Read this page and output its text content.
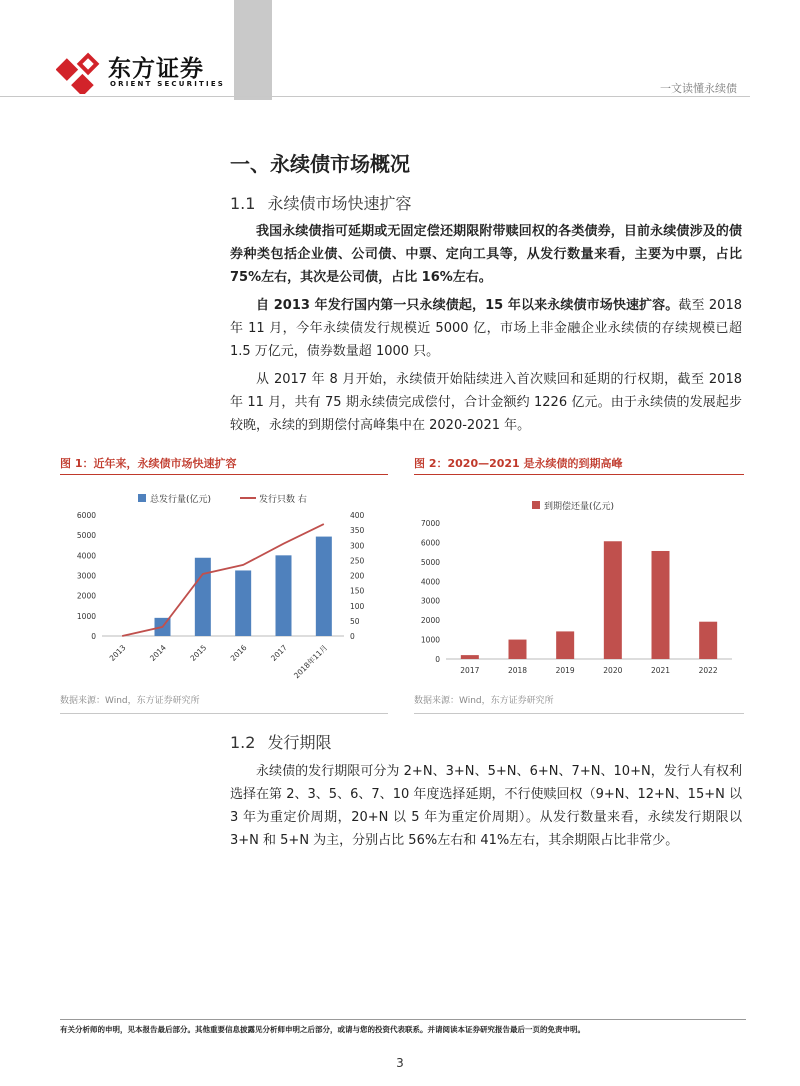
东方证券
ORIENT SECURITIES	一文读懂永续债
一、永续债市场概况
1.1 永续债市场快速扩容

我国永续债指可延期或无固定偿还期限附带赎回权的各类债券，目前永续债涉及的债券种类包括企业债、公司债、中票、定向工具等，从发行数量来看，主要为中票，占比 75%左右，其次是公司债，占比 16%左右。

自 2013 年发行国内第一只永续债起，15 年以来永续债市场快速扩容。截至 2018 年 11 月，今年永续债发行规模近 5000 亿，市场上非金融企业永续债的存续规模已超 1.5 万亿元，债券数量超 1000 只。

从 2017 年 8 月开始，永续债开始陆续进入首次赎回和延期的行权期，截至 2018 年 11 月，共有 75 期永续债完成偿付，合计金额约 1226 亿元。由于永续债的发展起步较晚，永续的到期偿付高峰集中在 2020-2021 年。

图 1：近年来，永续债市场快速扩容
总发行量(亿元)	发行只数 右
0
1000
2000
3000
4000
5000
6000
0
50
100
150
200
250
300
350
400
2013	2014	2015	2016	2017 2018年11月
数据来源：Wind，东方证券研究所
图 2：2020—2021 是永续债的到期高峰
到期偿还量(亿元)
0
1000
2000
3000
4000
5000
6000
7000
2017	2018	2019	2020	2021	2022
数据来源：Wind，东方证券研究所
1.2 发行期限

永续债的发行期限可分为 2+N、3+N、5+N、6+N、7+N、10+N，发行人有权利选择在第 2、3、5、6、7、10 年度选择延期，不行使赎回权（9+N、12+N、15+N 以 3 年为重定价周期，20+N 以 5 年为重定价周期）。从发行数量来看，永续发行期限以 3+N 和 5+N 为主，分别占比 56%左右和 41%左右，其余期限占比非常少。

有关分析师的申明，见本报告最后部分。其他重要信息披露见分析师申明之后部分，或请与您的投资代表联系。并请阅读本证券研究报告最后一页的免责申明。
3
